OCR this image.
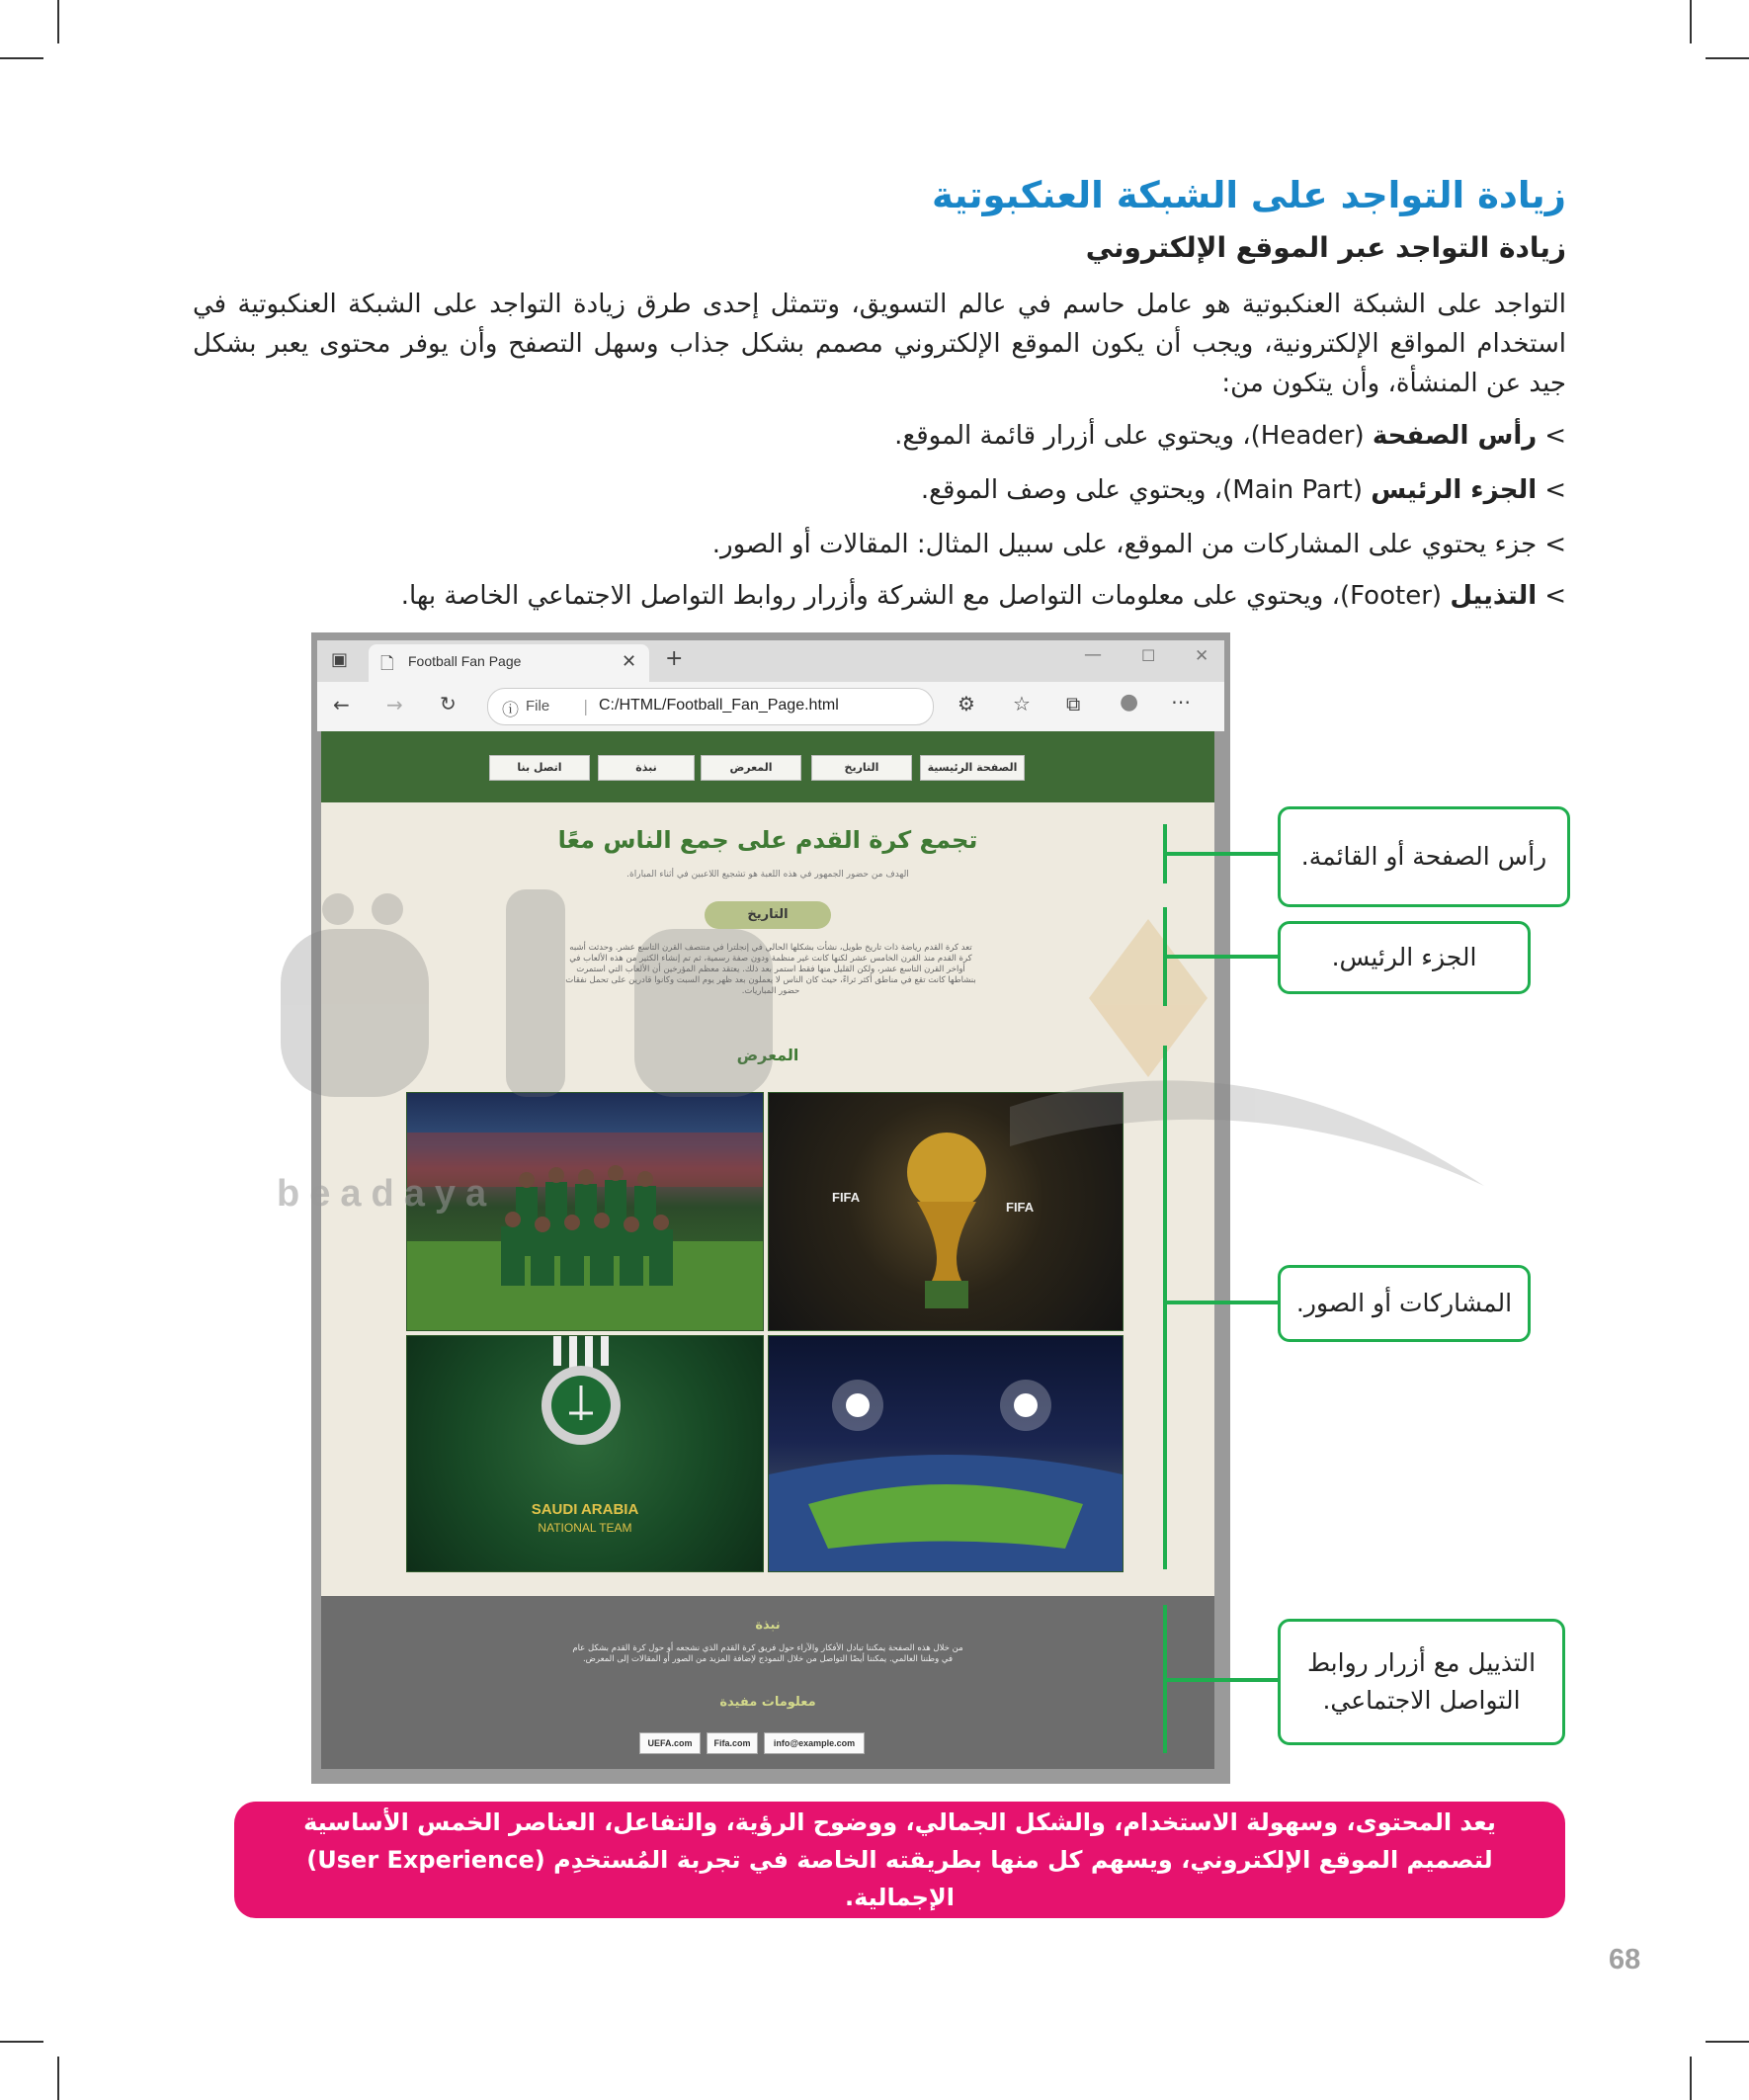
زيادة التواجد على الشبكة العنكبوتية
زيادة التواجد عبر الموقع الإلكتروني

التواجد على الشبكة العنكبوتية هو عامل حاسم في عالم التسويق، وتتمثل إحدى طرق زيادة التواجد على الشبكة العنكبوتية في استخدام المواقع الإلكترونية، ويجب أن يكون الموقع الإلكتروني مصمم بشكل جذاب وسهل التصفح وأن يوفر محتوى يعبر بشكل جيد عن المنشأة، وأن يتكون من:

>رأس الصفحة (Header)، ويحتوي على أزرار قائمة الموقع.
>الجزء الرئيس (Main Part)، ويحتوي على وصف الموقع.
>جزء يحتوي على المشاركات من الموقع، على سبيل المثال: المقالات أو الصور.
>التذييل (Footer)، ويحتوي على معلومات التواصل مع الشركة وأزرار روابط التواصل الاجتماعي الخاصة بها.
▣ 🗋 Football Fan Page	✕ +	—	☐ ✕
← → ↻	ⓘ File | C:/HTML/Football_Fan_Page.html	⚙ ☆ ⧉ ● ⋯
الصفحة الرئيسية
التاريخ
المعرض
نبذة
اتصل بنا
تجمع كرة القدم على جمع الناس معًا
الهدف من حضور الجمهور في هذه اللعبة هو تشجيع اللاعبين في أثناء المباراة.
التاريخ
تعد كرة القدم رياضة ذات تاريخ طويل، نشأت بشكلها الحالي في إنجلترا في منتصف القرن التاسع عشر. وحدثت أشبه كرة القدم منذ القرن الخامس عشر لكنها كانت غير منظمة ودون صفة رسمية، ثم تم إنشاء الكثير من هذه الألعاب في أواخر القرن التاسع عشر، ولكن القليل منها فقط استمر بعد ذلك. يعتقد معظم المؤرخين أن الألعاب التي استمرت بنشاطها كانت تقع في مناطق أكثر ثراءً، حيث كان الناس لا يعملون بعد ظهر يوم السبت وكانوا قادرين على تحمل نفقات حضور المباريات.
المعرض
FIFA
FIFA
SAUDI ARABIA
NATIONAL TEAM
نبذة
من خلال هذه الصفحة يمكننا تبادل الأفكار والآراء حول فريق كرة القدم الذي نشجعه أو حول كرة القدم بشكل عام في وطننا العالمي. يمكننا أيضًا التواصل من خلال النموذج لإضافة المزيد من الصور أو المقالات إلى المعرض.
معلومات مفيدة
UEFA.com	Fifa.com	info@example.com
beadaya
رأس الصفحة أو القائمة.
الجزء الرئيس.
المشاركات أو الصور.
التذييل مع أزرار روابط التواصل الاجتماعي.
يعد المحتوى، وسهولة الاستخدام، والشكل الجمالي، ووضوح الرؤية، والتفاعل، العناصر الخمس الأساسية لتصميم الموقع الإلكتروني، ويسهم كل منها بطريقته الخاصة في تجربة المُستخدِم (User Experience) الإجمالية.
68
